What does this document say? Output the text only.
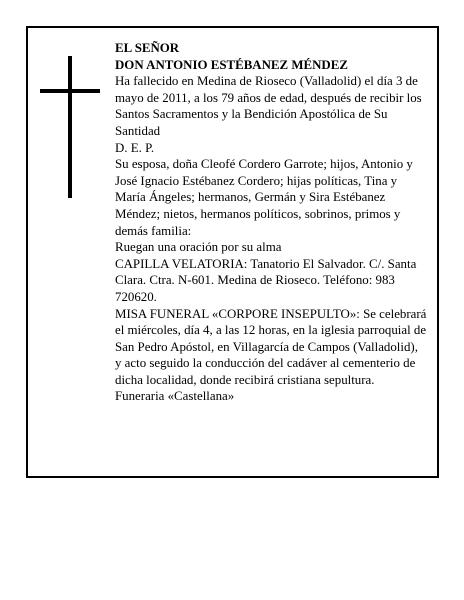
EL SEÑOR

DON ANTONIO ESTÉBANEZ MÉNDEZ

Ha fallecido en Medina de Rioseco (Valladolid) el día 3 de mayo de 2011, a los 79 años de edad, después de recibir los Santos Sacramentos y la Bendición Apostólica de Su Santidad

D. E. P.

Su esposa, doña Cleofé Cordero Garrote; hijos, Antonio y José Ignacio Estébanez Cordero; hijas políticas, Tina y María Ángeles; hermanos, Germán y Sira Estébanez Méndez; nietos, hermanos políticos, sobrinos, primos y demás familia:

Ruegan una oración por su alma

CAPILLA VELATORIA: Tanatorio El Salvador. C/. Santa Clara. Ctra. N-601. Medina de Rioseco. Teléfono: 983 720620.

MISA FUNERAL «CORPORE INSEPULTO»: Se celebrará el miércoles, día 4, a las 12 horas, en la iglesia parroquial de San Pedro Apóstol, en Villagarcía de Campos (Valladolid), y acto seguido la conducción del cadáver al cementerio de dicha localidad, donde recibirá cristiana sepultura.

Funeraria «Castellana»
